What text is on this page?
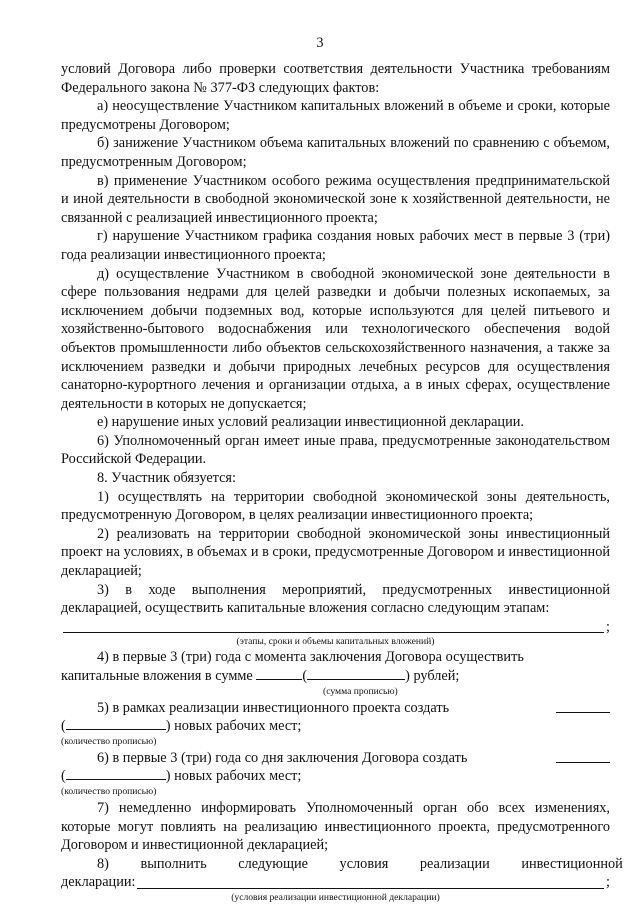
3

условий Договора либо проверки соответствия деятельности Участника требованиям Федерального закона № 377-ФЗ следующих фактов:

а) неосуществление Участником капитальных вложений в объеме и сроки, которые предусмотрены Договором;

б) занижение Участником объема капитальных вложений по сравнению с объемом, предусмотренным Договором;

в) применение Участником особого режима осуществления предпринимательской и иной деятельности в свободной экономической зоне к хозяйственной деятельности, не связанной с реализацией инвестиционного проекта;

г) нарушение Участником графика создания новых рабочих мест в первые 3 (три) года реализации инвестиционного проекта;

д) осуществление Участником в свободной экономической зоне деятельности в сфере пользования недрами для целей разведки и добычи полезных ископаемых, за исключением добычи подземных вод, которые используются для целей питьевого и хозяйственно-бытового водоснабжения или технологического обеспечения водой объектов промышленности либо объектов сельскохозяйственного назначения, а также за исключением разведки и добычи природных лечебных ресурсов для осуществления санаторно-курортного лечения и организации отдыха, а в иных сферах, осуществление деятельности в которых не допускается;

е) нарушение иных условий реализации инвестиционной декларации.

6) Уполномоченный орган имеет иные права, предусмотренные законодательством Российской Федерации.

8. Участник обязуется:

1) осуществлять на территории свободной экономической зоны деятельность, предусмотренную Договором, в целях реализации инвестиционного проекта;

2) реализовать на территории свободной экономической зоны инвестиционный проект на условиях, в объемах и в сроки, предусмотренные Договором и инвестиционной декларацией;

3) в ходе выполнения мероприятий, предусмотренных инвестиционной декларацией, осуществить капитальные вложения согласно следующим этапам:

;
(этапы, сроки и объемы капитальных вложений)

4) в первые 3 (три) года с момента заключения Договора осуществить

капитальные вложения в сумме	(	) рублей;
(сумма прописью)
5) в рамках реализации инвестиционного проекта создать
(	) новых рабочих мест;
(количество прописью)
6) в первые 3 (три) года со дня заключения Договора создать
(	) новых рабочих мест;
(количество прописью)

7) немедленно информировать Уполномоченный орган обо всех изменениях, которые могут повлиять на реализацию инвестиционного проекта, предусмотренного Договором и инвестиционной декларацией;

8) выполнить следующие условия реализации инвестиционной
декларации:	;
(условия реализации инвестиционной декларации)
